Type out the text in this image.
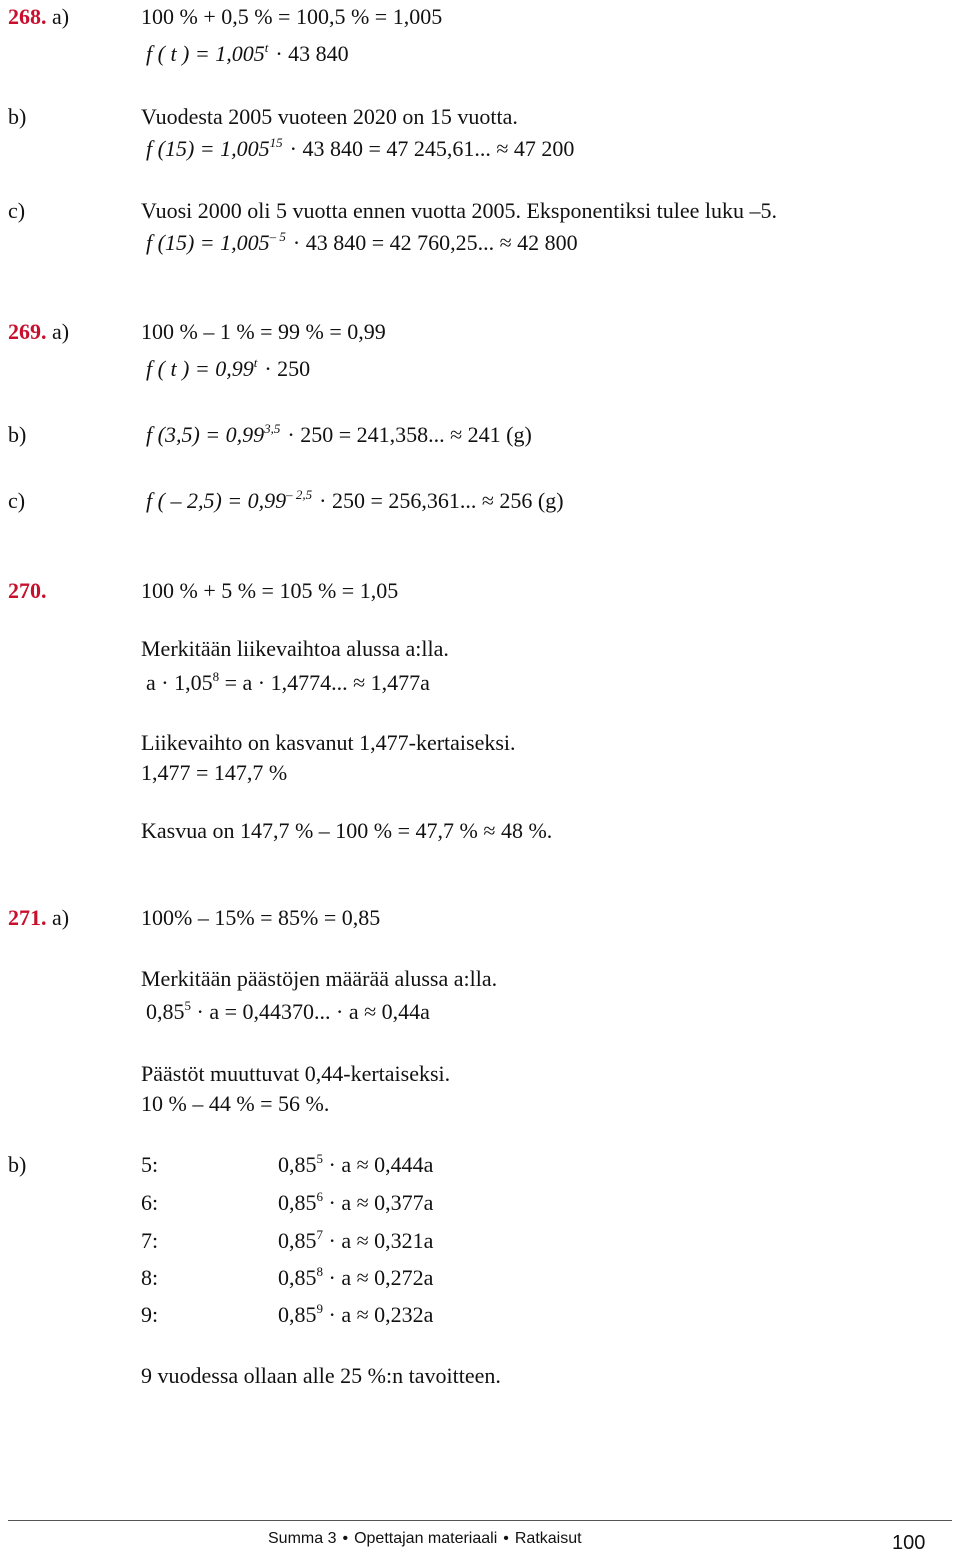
268. a)	100 % + 0,5 % = 100,5 % = 1,005
f ( t ) = $1,005^t \cdot 43$ 840
b)	Vuodesta 2005 vuoteen 2020 on 15 vuotta.
f $(15) = 1,005^{15} \cdot 43$ 840 = 47 245,61... ≈ 47 200
c)	Vuosi 2000 oli 5 vuotta ennen vuotta 2005. Eksponentiksi tulee luku –5.
f $(15) = 1,005^{- 5} \cdot 43$ 840 = 42 760,25... ≈ 42 800
269. a)	100 % – 1 % = 99 % = 0,99
f ( t ) = $0,99^t \cdot 250$
b)	f $(3,5) = 0,99^{3,5} \cdot 250 = 241,358$... ≈ 241 (g)
c)	f ( – $2,5) = 0,99^{- 2,5} \cdot 250 = 256,361$... ≈ 256 (g)
270.	100 % + 5 % = 105 % = 1,05
Merkitään liikevaihtoa alussa a:lla.
$a \cdot 1,05^8 = a \cdot 1,4774$... ≈ 1,477a
Liikevaihto on kasvanut 1,477-kertaiseksi.
1,477 = 147,7 %
Kasvua on 147,7 % – 100 % = 47,7 % ≈ 48 %.
271. a)	100% – 15% = 85% = 0,85
Merkitään päästöjen määrää alussa a:lla.
$0,85^5 \cdot a = 0,44370$... · a ≈ 0,44a
Päästöt muuttuvat 0,44-kertaiseksi.
10 % – 44 % = 56 %.
b)	5:	$0,85^5 \cdot a \approx 0,444a$
6:	$0,85^6 \cdot a \approx 0,377a$
7:	$0,85^7 \cdot a \approx 0,321a$
8:	$0,85^8 \cdot a \approx 0,272a$
9:	$0,85^9 \cdot a \approx 0,232a$
9 vuodessa ollaan alle 25 %:n tavoitteen.
Summa 3 • Opettajan materiaali • Ratkaisut	100
